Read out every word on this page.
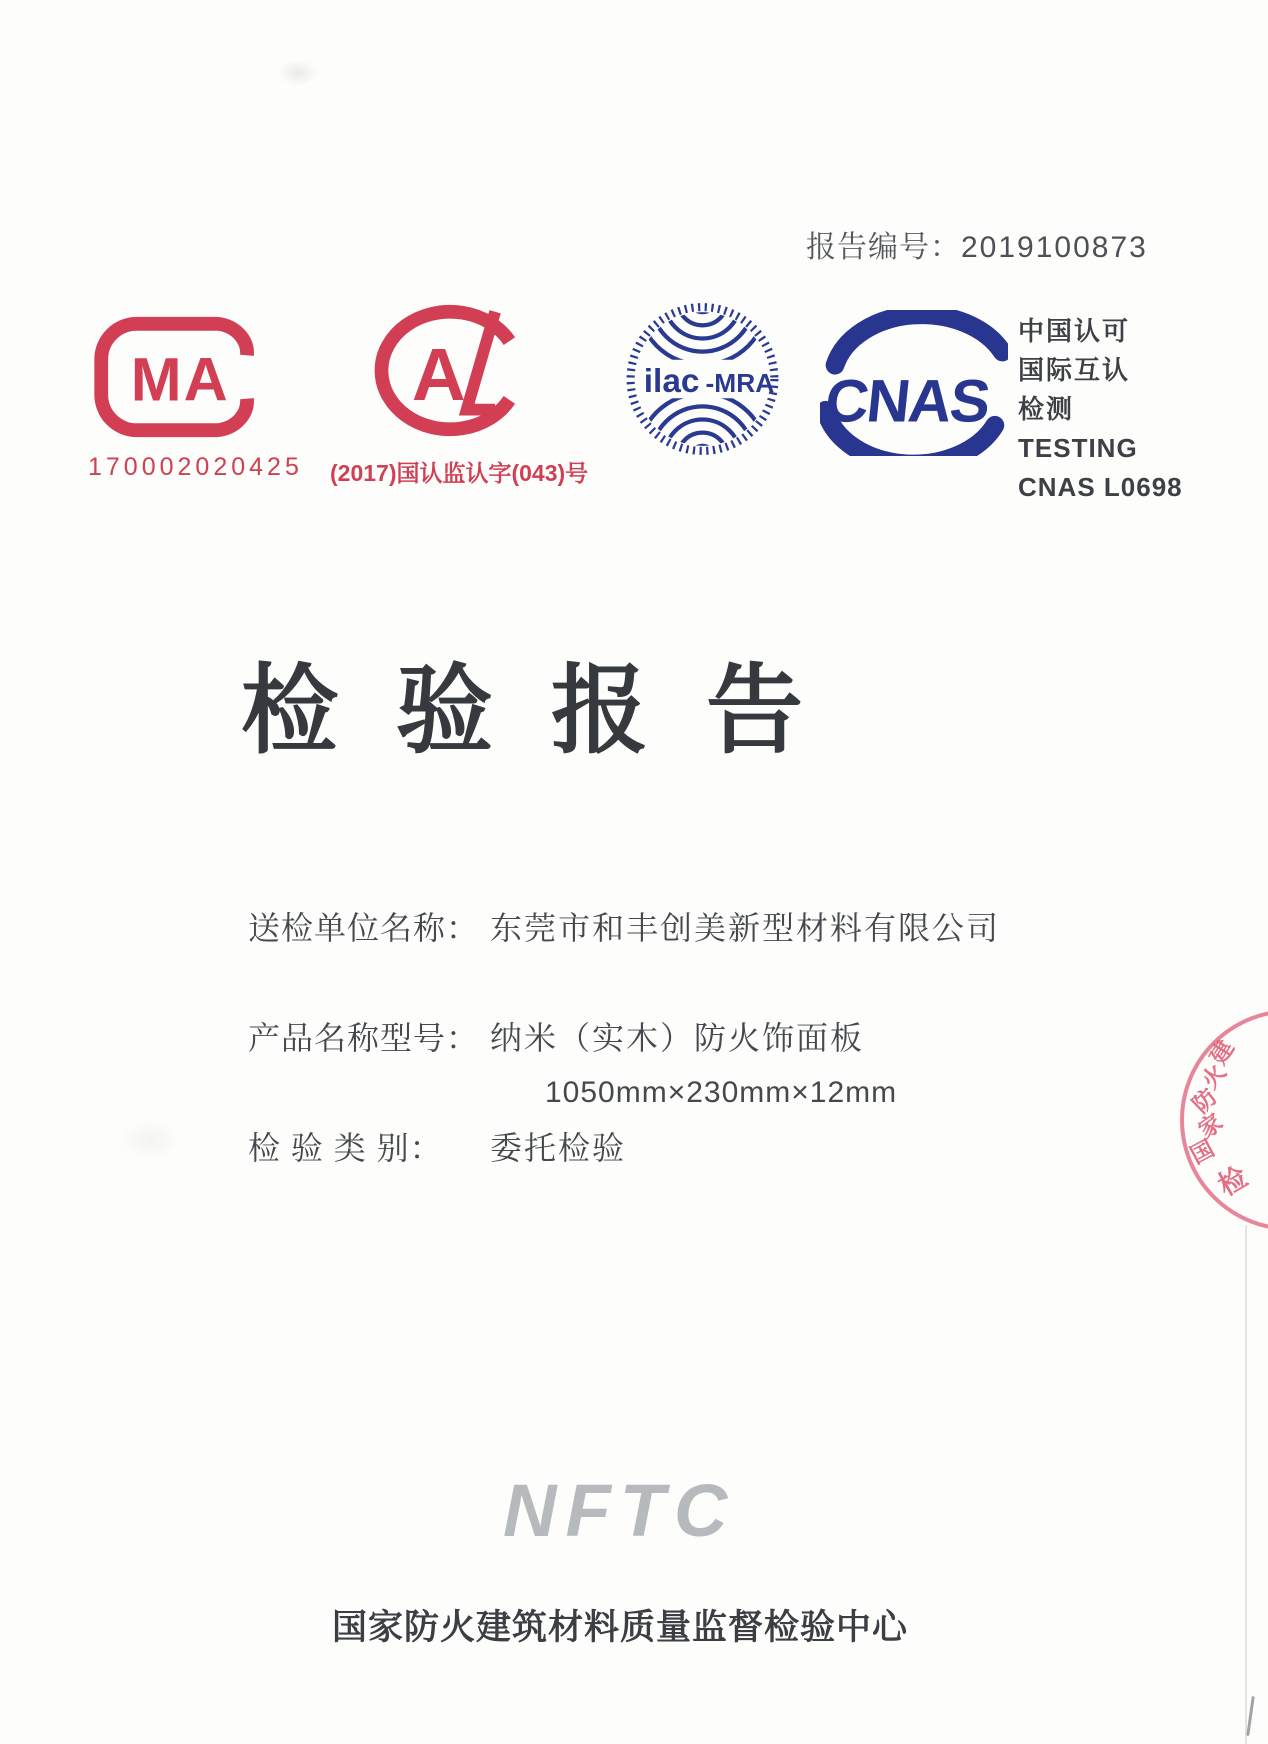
报告编号：2019100873
MA
170002020425
A
(2017)国认监认字(043)号
ilac -MRA CNAS
中国认可
国际互认
检测
TESTING
CNAS L0698
检验报告
送检单位名称： 东莞市和丰创美新型材料有限公司
产品名称型号： 纳米（实木）防火饰面板
1050mm×230mm×12mm
检 验 类 别： 委托检验
NFTC
国家防火建筑材料质量监督检验中心
国
家
防
火
建
检
